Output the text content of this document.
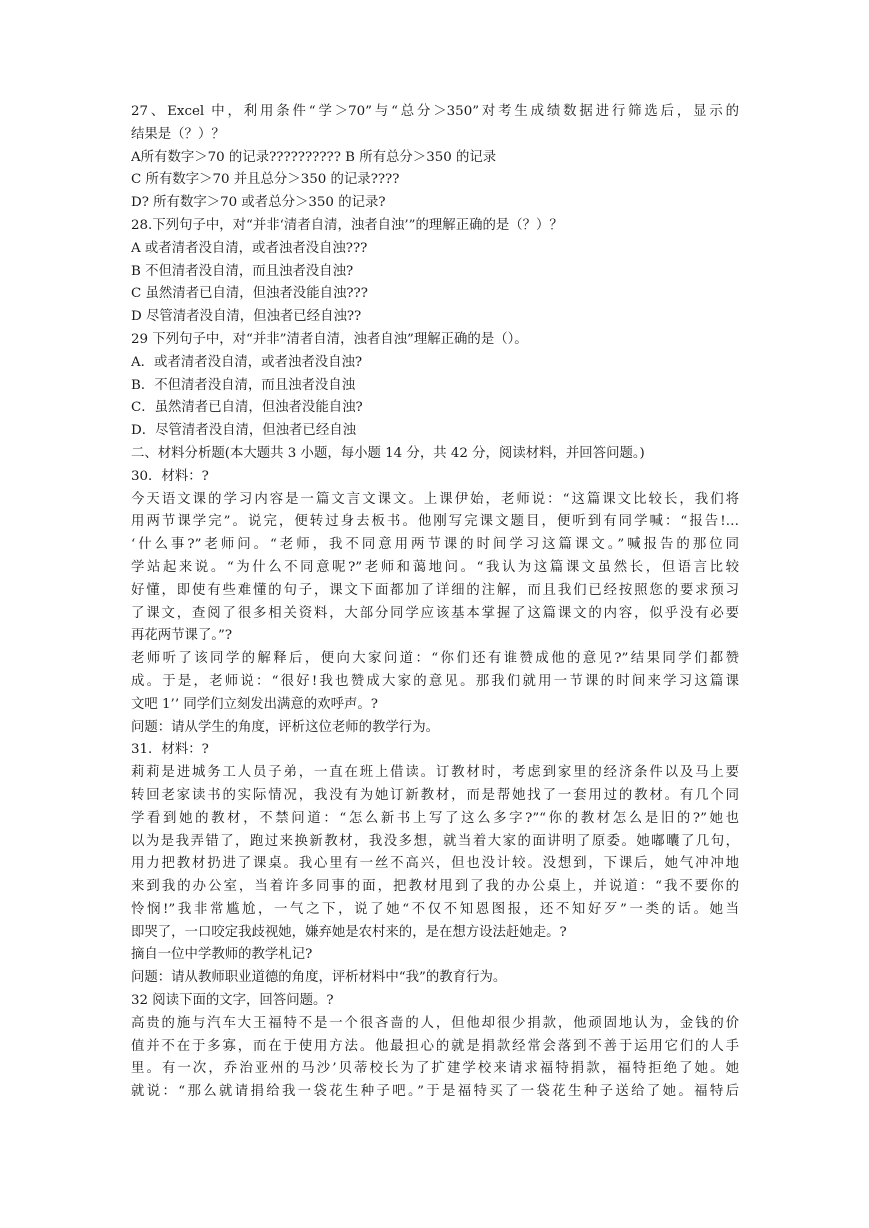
27、Excel 中，利用条件“学＞70”与“总分＞350”对考生成绩数据进行筛选后，显示的
结果是（？）？
A所有数字＞70 的记录?????????? B 所有总分＞350 的记录
C 所有数字＞70 并且总分＞350 的记录????
D? 所有数字＞70 或者总分＞350 的记录?
28.下列句子中，对“并非‘清者自清，浊者自浊’”的理解正确的是（？）？
A 或者清者没自清，或者浊者没自浊???
B 不但清者没自清，而且浊者没自浊?
C 虽然清者已自清，但浊者没能自浊???
D 尽管清者没自清，但浊者已经自浊??
29 下列句子中，对“并非”清者自清，浊者自浊”理解正确的是（）。
A．或者清者没自清，或者浊者没自浊?
B．不但清者没自清，而且浊者没自浊
C．虽然清者已自清，但浊者没能自浊?
D．尽管清者没自清，但浊者已经自浊
二、材料分析题(本大题共 3 小题，每小题 14 分，共 42 分，阅读材料，并回答问题。)
30．材料：?
今天语文课的学习内容是一篇文言文课文。上课伊始，老师说：“这篇课文比较长，我们将
用两节课学完”。说完，便转过身去板书。他刚写完课文题目，便听到有同学喊：“报告!…
‘什么事?”老师问。“老师，我不同意用两节课的时间学习这篇课文。”喊报告的那位同
学站起来说。“为什么不同意呢?”老师和蔼地问。“我认为这篇课文虽然长，但语言比较
好懂，即使有些难懂的句子，课文下面都加了详细的注解，而且我们已经按照您的要求预习
了课文，查阅了很多相关资料，大部分同学应该基本掌握了这篇课文的内容，似乎没有必要
再花两节课了。”?
老师听了该同学的解释后，便向大家问道：“你们还有谁赞成他的意见?”结果同学们都赞
成。于是，老师说：“很好!我也赞成大家的意见。那我们就用一节课的时间来学习这篇课
文吧 1’’ 同学们立刻发出满意的欢呼声。?
问题：请从学生的角度，评析这位老师的教学行为。
31．材料：?
莉莉是进城务工人员子弟，一直在班上借读。订教材时，考虑到家里的经济条件以及马上要
转回老家读书的实际情况，我没有为她订新教材，而是帮她找了一套用过的教材。有几个同
学看到她的教材，不禁问道：“怎么新书上写了这么多字?”“你的教材怎么是旧的?”她也
以为是我弄错了，跑过来换新教材，我没多想，就当着大家的面讲明了原委。她嘟囔了几句，
用力把教材扔进了课桌。我心里有一丝不高兴，但也没计较。没想到，下课后，她气冲冲地
来到我的办公室，当着许多同事的面，把教材甩到了我的办公桌上，并说道：“我不要你的
怜悯!”我非常尴尬，一气之下，说了她“不仅不知恩图报，还不知好歹”一类的话。她当
即哭了，一口咬定我歧视她，嫌弃她是农村来的，是在想方设法赶她走。?
摘自一位中学教师的教学札记?
问题：请从教师职业道德的角度，评析材料中“我”的教育行为。
32 阅读下面的文字，回答问题。?
高贵的施与汽车大王福特不是一个很吝啬的人，但他却很少捐款，他顽固地认为，金钱的价
值并不在于多寡，而在于使用方法。他最担心的就是捐款经常会落到不善于运用它们的人手
里。有一次，乔治亚州的马沙’贝蒂校长为了扩建学校来请求福特捐款，福特拒绝了她。她
就说：“那么就请捐给我一袋花生种子吧。”于是福特买了一袋花生种子送给了她。福特后
